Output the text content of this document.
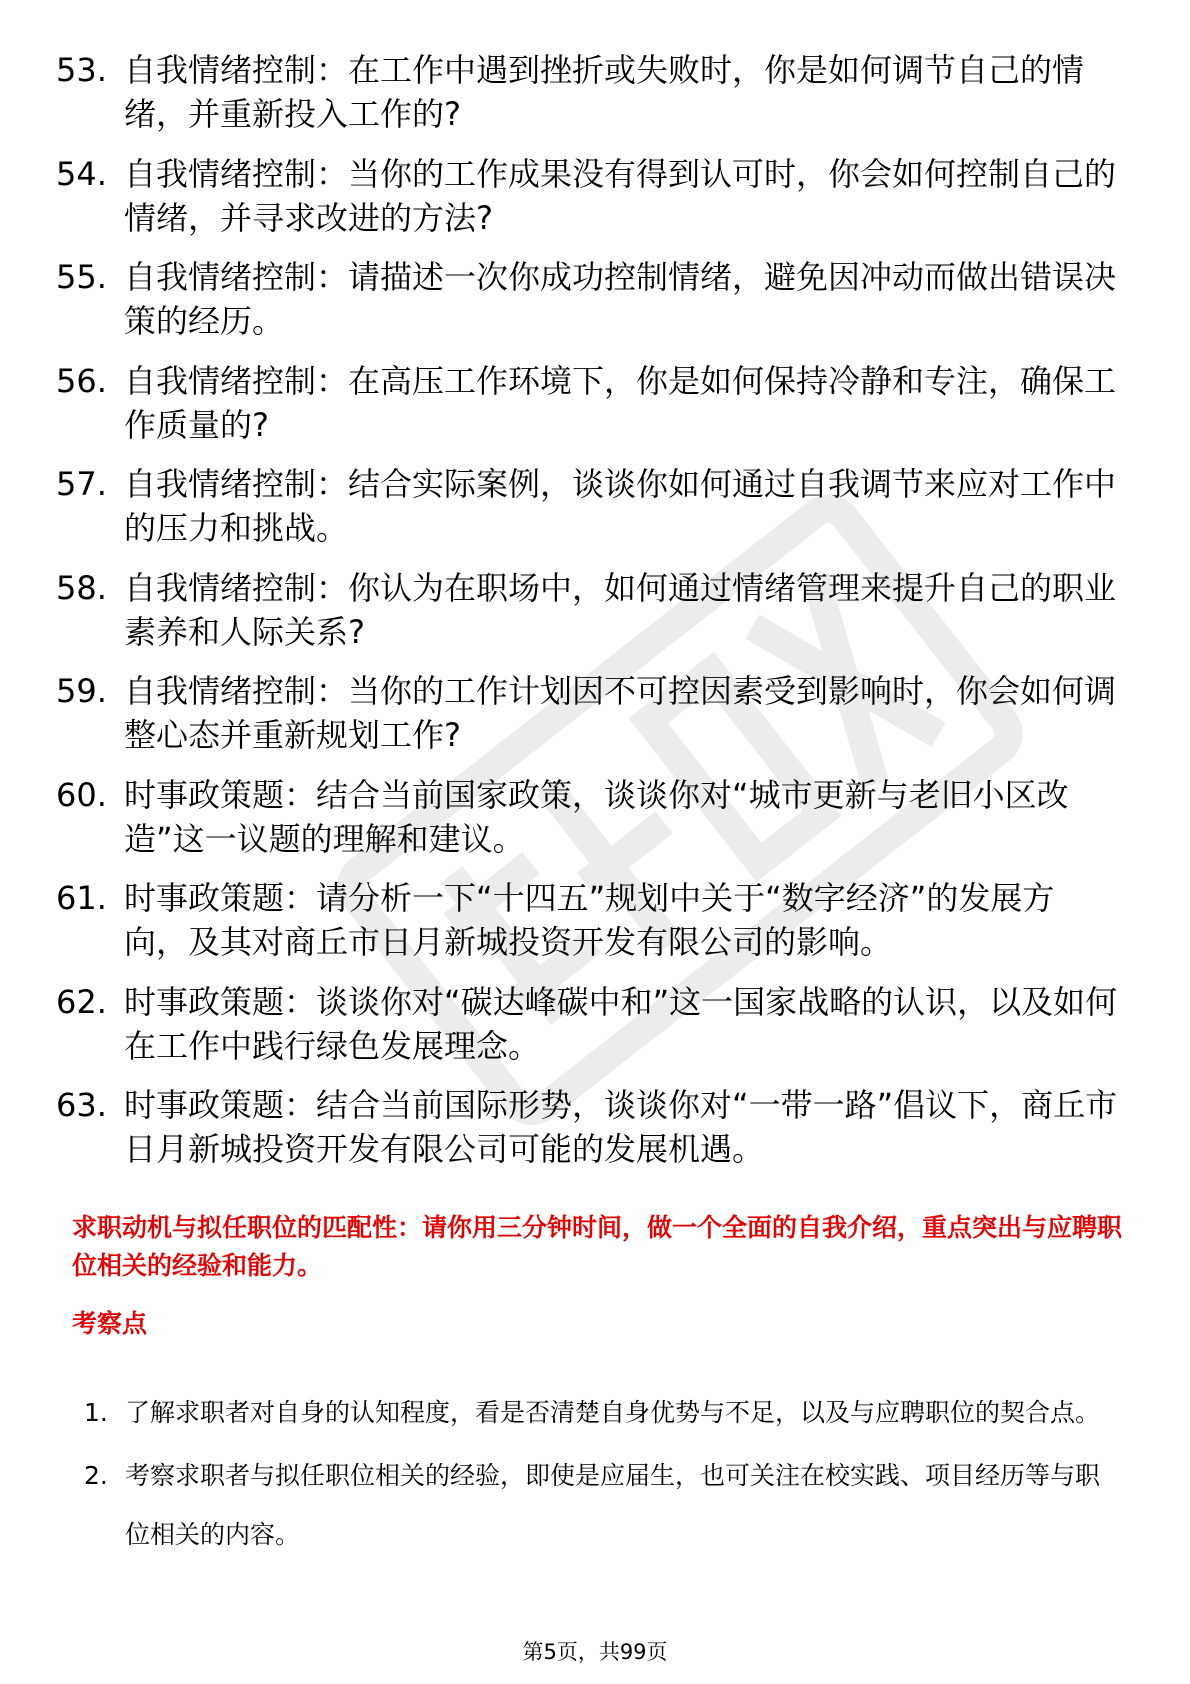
53. 自我情绪控制：在工作中遇到挫折或失败时，你是如何调节自己的情绪，并重新投入工作的?
54. 自我情绪控制：当你的工作成果没有得到认可时，你会如何控制自己的情绪，并寻求改进的方法?
55. 自我情绪控制：请描述一次你成功控制情绪，避免因冲动而做出错误决策的经历。
56. 自我情绪控制：在高压工作环境下，你是如何保持冷静和专注，确保工作质量的?
57. 自我情绪控制：结合实际案例，谈谈你如何通过自我调节来应对工作中的压力和挑战。
58. 自我情绪控制：你认为在职场中，如何通过情绪管理来提升自己的职业素养和人际关系?
59. 自我情绪控制：当你的工作计划因不可控因素受到影响时，你会如何调整心态并重新规划工作?
60. 时事政策题：结合当前国家政策，谈谈你对“城市更新与老旧小区改造”这一议题的理解和建议。
61. 时事政策题：请分析一下“十四五”规划中关于“数字经济”的发展方向，及其对商丘市日月新城投资开发有限公司的影响。
62. 时事政策题：谈谈你对“碳达峰碳中和”这一国家战略的认识，以及如何在工作中践行绿色发展理念。
63. 时事政策题：结合当前国际形势，谈谈你对“一带一路”倡议下，商丘市日月新城投资开发有限公司可能的发展机遇。

求职动机与拟任职位的匹配性：请你用三分钟时间，做一个全面的自我介绍，重点突出与应聘职位相关的经验和能力。

考察点

1. 了解求职者对自身的认知程度，看是否清楚自身优势与不足，以及与应聘职位的契合点。
2. 考察求职者与拟任职位相关的经验，即使是应届生，也可关注在校实践、项目经历等与职位相关的内容。
第5页，共99页
